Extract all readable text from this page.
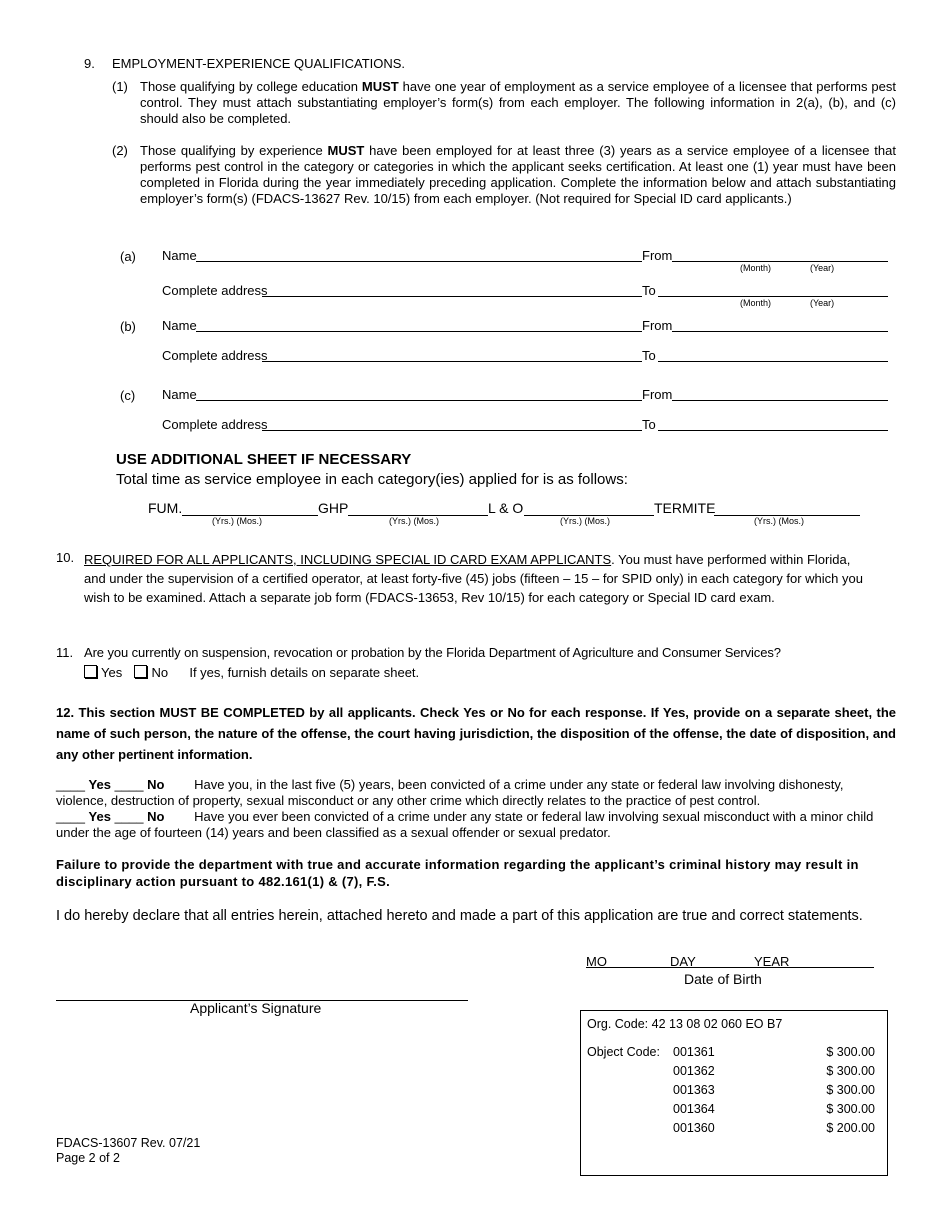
9. EMPLOYMENT-EXPERIENCE QUALIFICATIONS.
(1) Those qualifying by college education MUST have one year of employment as a service employee of a licensee that performs pest control. They must attach substantiating employer’s form(s) from each employer. The following information in 2(a), (b), and (c) should also be completed.
(2) Those qualifying by experience MUST have been employed for at least three (3) years as a service employee of a licensee that performs pest control in the category or categories in which the applicant seeks certification. At least one (1) year must have been completed in Florida during the year immediately preceding application. Complete the information below and attach substantiating employer’s form(s) (FDACS-13627 Rev. 10/15) from each employer. (Not required for Special ID card applicants.)
(a) Name	From
(Month)	(Year)
Complete address	To
(Month)	(Year)
(b) Name	From
Complete address	To
(c) Name	From
Complete address	To
USE ADDITIONAL SHEET IF NECESSARY
Total time as service employee in each category(ies) applied for is as follows:
FUM.
(Yrs.) (Mos.)
GHP
(Yrs.) (Mos.)
L & O
(Yrs.) (Mos.)
TERMITE
(Yrs.) (Mos.)
10. REQUIRED FOR ALL APPLICANTS, INCLUDING SPECIAL ID CARD EXAM APPLICANTS. You must have performed within Florida, and under the supervision of a certified operator, at least forty-five (45) jobs (fifteen – 15 – for SPID only) in each category for which you wish to be examined. Attach a separate job form (FDACS-13653, Rev 10/15) for each category or Special ID card exam.
11. Are you currently on suspension, revocation or probation by the Florida Department of Agriculture and Consumer Services?
Yes No If yes, furnish details on separate sheet.
12. This section MUST BE COMPLETED by all applicants. Check Yes or No for each response. If Yes, provide on a separate sheet, the name of such person, the nature of the offense, the court having jurisdiction, the disposition of the offense, the date of disposition, and any other pertinent information.
____ Yes ____ No Have you, in the last five (5) years, been convicted of a crime under any state or federal law involving dishonesty, violence, destruction of property, sexual misconduct or any other crime which directly relates to the practice of pest control.
____ Yes ____ No Have you ever been convicted of a crime under any state or federal law involving sexual misconduct with a minor child under the age of fourteen (14) years and been classified as a sexual offender or sexual predator.
Failure to provide the department with true and accurate information regarding the applicant’s criminal history may result in disciplinary action pursuant to 482.161(1) & (7), F.S.
I do hereby declare that all entries herein, attached hereto and made a part of this application are true and correct statements.
MO	DAY	YEAR
Date of Birth
Applicant’s Signature
Org. Code: 42 13 08 02 060 EO B7
Object Code: 001361	$ 300.00
001362	$ 300.00
001363	$ 300.00
001364	$ 300.00
001360	$ 200.00
FDACS-13607 Rev. 07/21
Page 2 of 2
